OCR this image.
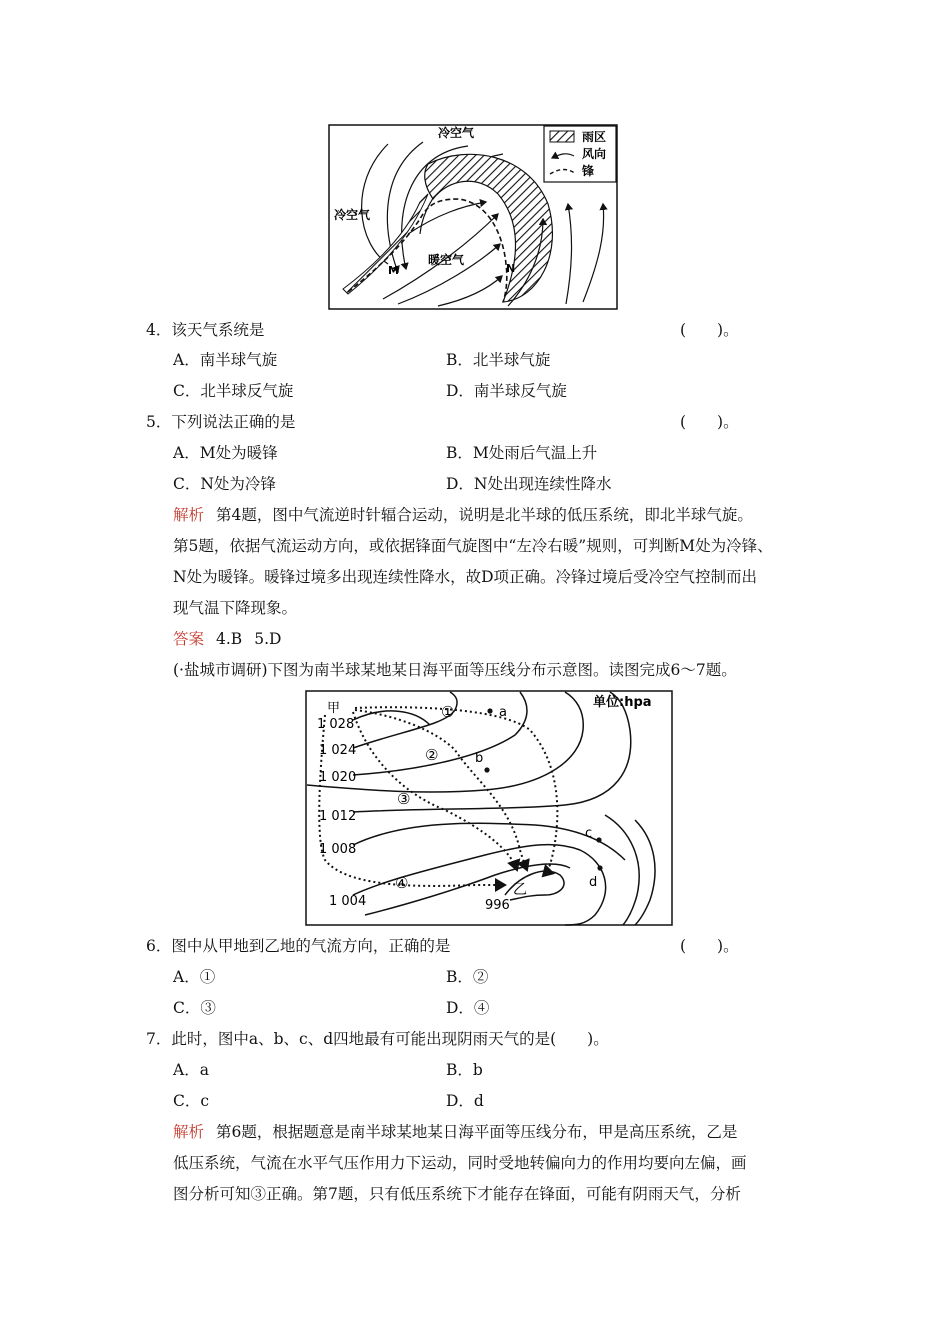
雨区
风向
锋
冷空气
冷空气
暖空气
M	N
4．该天气系统是	(　　)。
A．南半球气旋	B．北半球气旋
C．北半球反气旋	D．南半球反气旋
5．下列说法正确的是	(　　)。
A．M处为暖锋	B．M处雨后气温上升
C．N处为冷锋	D．N处出现连续性降水
解析 第4题，图中气流逆时针辐合运动，说明是北半球的低压系统，即北半球气旋。
第5题，依据气流运动方向，或依据锋面气旋图中“左冷右暖”规则，可判断M处为冷锋、
N处为暖锋。暖锋过境多出现连续性降水，故D项正确。冷锋过境后受冷空气控制而出
现气温下降现象。
答案 4.B 5.D
(·盐城市调研)下图为南半球某地某日海平面等压线分布示意图。读图完成6～7题。
单位:hpa
甲
乙
1 028
1 024
1 020
1 012
1 008
1 004	996
①
②
③
④
a
b
c
d
6．图中从甲地到乙地的气流方向，正确的是	(　　)。
A．①	B．②
C．③	D．④
7．此时，图中a、b、c、d四地最有可能出现阴雨天气的是(　　)。
A．a	B．b
C．c	D．d
解析 第6题，根据题意是南半球某地某日海平面等压线分布，甲是高压系统，乙是
低压系统，气流在水平气压作用力下运动，同时受地转偏向力的作用均要向左偏，画
图分析可知③正确。第7题，只有低压系统下才能存在锋面，可能有阴雨天气，分析
